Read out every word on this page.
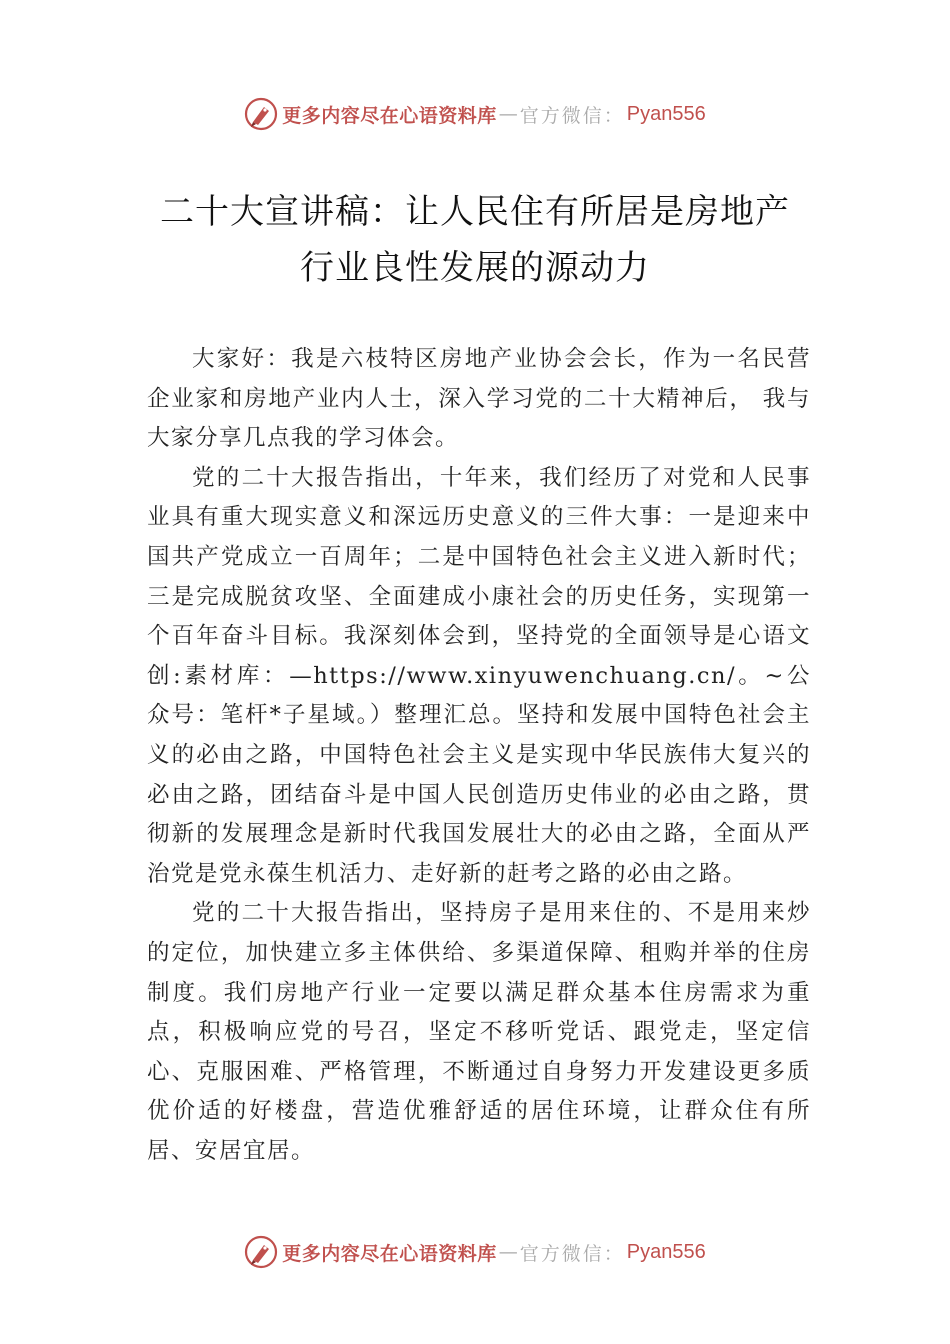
更多内容尽在心语资料库 — 官方微信： Pyan556
二十大宣讲稿：让人民住有所居是房地产
行业良性发展的源动力

大家好：我是六枝特区房地产业协会会长，作为一名民营企业家和房地产业内人士，深入学习党的二十大精神后， 我与大家分享几点我的学习体会。

党的二十大报告指出，十年来，我们经历了对党和人民事业具有重大现实意义和深远历史意义的三件大事：一是迎来中国共产党成立一百周年；二是中国特色社会主义进入新时代；三是完成脱贫攻坚、全面建成小康社会的历史任务，实现第一个百年奋斗目标。我深刻体会到，坚持党的全面领导是心语文创:素材库：—https://www.xinyuwenchuang.cn/。~公众号：笔杆*子星域。）整理汇总。坚持和发展中国特色社会主义的必由之路，中国特色社会主义是实现中华民族伟大复兴的必由之路，团结奋斗是中国人民创造历史伟业的必由之路，贯彻新的发展理念是新时代我国发展壮大的必由之路，全面从严治党是党永葆生机活力、走好新的赶考之路的必由之路。

党的二十大报告指出，坚持房子是用来住的、不是用来炒的定位，加快建立多主体供给、多渠道保障、租购并举的住房制度。我们房地产行业一定要以满足群众基本住房需求为重点，积极响应党的号召，坚定不移听党话、跟党走，坚定信心、克服困难、严格管理，不断通过自身努力开发建设更多质优价适的好楼盘，营造优雅舒适的居住环境，让群众住有所居、安居宜居。

更多内容尽在心语资料库 — 官方微信： Pyan556
